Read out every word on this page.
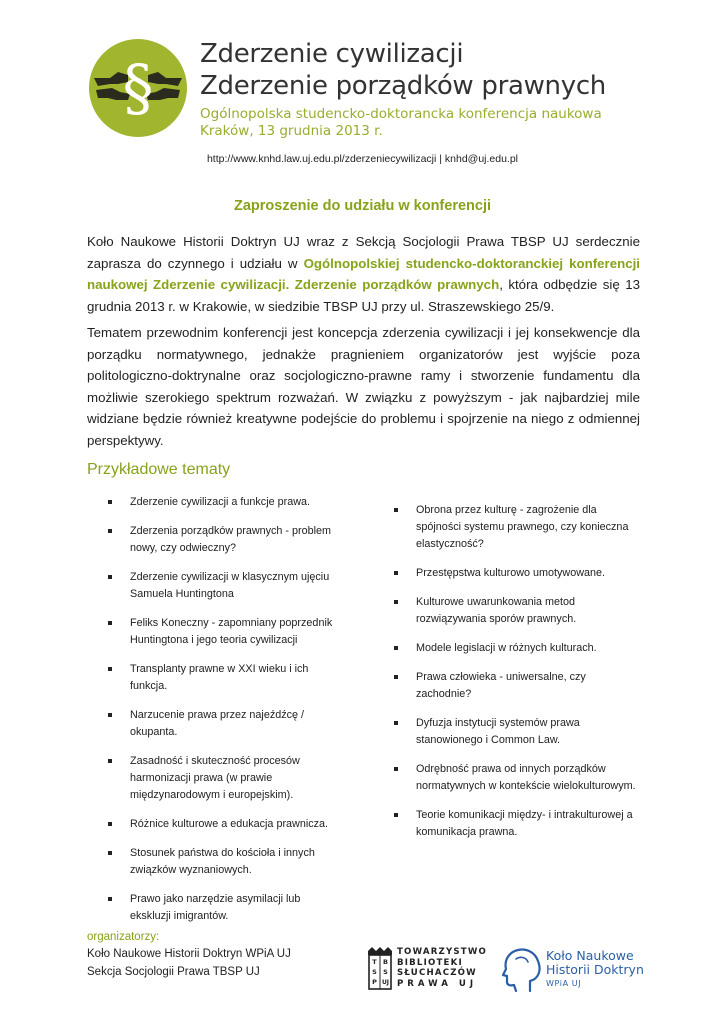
§ Zderzenie cywilizacji
Zderzenie porządków prawnych
Ogólnopolska studencko-doktorancka konferencja naukowa
Kraków, 13 grudnia 2013 r.
http://www.knhd.law.uj.edu.pl/zderzeniecywilizacji | knhd@uj.edu.pl
Zaproszenie do udziału w konferencji
Koło Naukowe Historii Doktryn UJ wraz z Sekcją Socjologii Prawa TBSP UJ serdecznie zaprasza do czynnego i udziału w Ogólnopolskiej studencko-doktoranckiej konferencji naukowej Zderzenie cywilizacji. Zderzenie porządków prawnych, która odbędzie się 13 grudnia 2013 r. w Krakowie, w siedzibie TBSP UJ przy ul. Straszewskiego 25/9.
Tematem przewodnim konferencji jest koncepcja zderzenia cywilizacji i jej konsekwencje dla porządku normatywnego, jednakże pragnieniem organizatorów jest wyjście poza politologiczno-doktrynalne oraz socjologiczno-prawne ramy i stworzenie fundamentu dla możliwie szerokiego spektrum rozważań. W związku z powyższym - jak najbardziej mile widziane będzie również kreatywne podejście do problemu i spojrzenie na niego z odmiennej perspektywy.
Przykładowe tematy
Zderzenie cywilizacji a funkcje prawa.
Zderzenia porządków prawnych - problem nowy, czy odwieczny?
Zderzenie cywilizacji w klasycznym ujęciu Samuela Huntingtona
Feliks Koneczny - zapomniany poprzednik Huntingtona i jego teoria cywilizacji
Transplanty prawne w XXI wieku i ich funkcja.
Narzucenie prawa przez najeźdźcę / okupanta.
Zasadność i skuteczność procesów harmonizacji prawa (w prawie międzynarodowym i europejskim).
Różnice kulturowe a edukacja prawnicza.
Stosunek państwa do kościoła i innych związków wyznaniowych.
Prawo jako narzędzie asymilacji lub ekskluzji imigrantów.
Obrona przez kulturę - zagrożenie dla spójności systemu prawnego, czy konieczna elastyczność?
Przestępstwa kulturowo umotywowane.
Kulturowe uwarunkowania metod rozwiązywania sporów prawnych.
Modele legislacji w różnych kulturach.
Prawa człowieka - uniwersalne, czy zachodnie?
Dyfuzja instytucji systemów prawa stanowionego i Common Law.
Odrębność prawa od innych porządków normatywnych w kontekście wielokulturowym.
Teorie komunikacji między- i intrakulturowej a komunikacja prawna.
organizatorzy:
Koło Naukowe Historii Doktryn WPiA UJ
Sekcja Socjologii Prawa TBSP UJ
T B
S S
P UJ
TOWARZYSTWO
BIBLIOTEKI
SŁUCHACZÓW
PRAWA UJ
Koło Naukowe
Historii Doktryn
WPiA UJ
